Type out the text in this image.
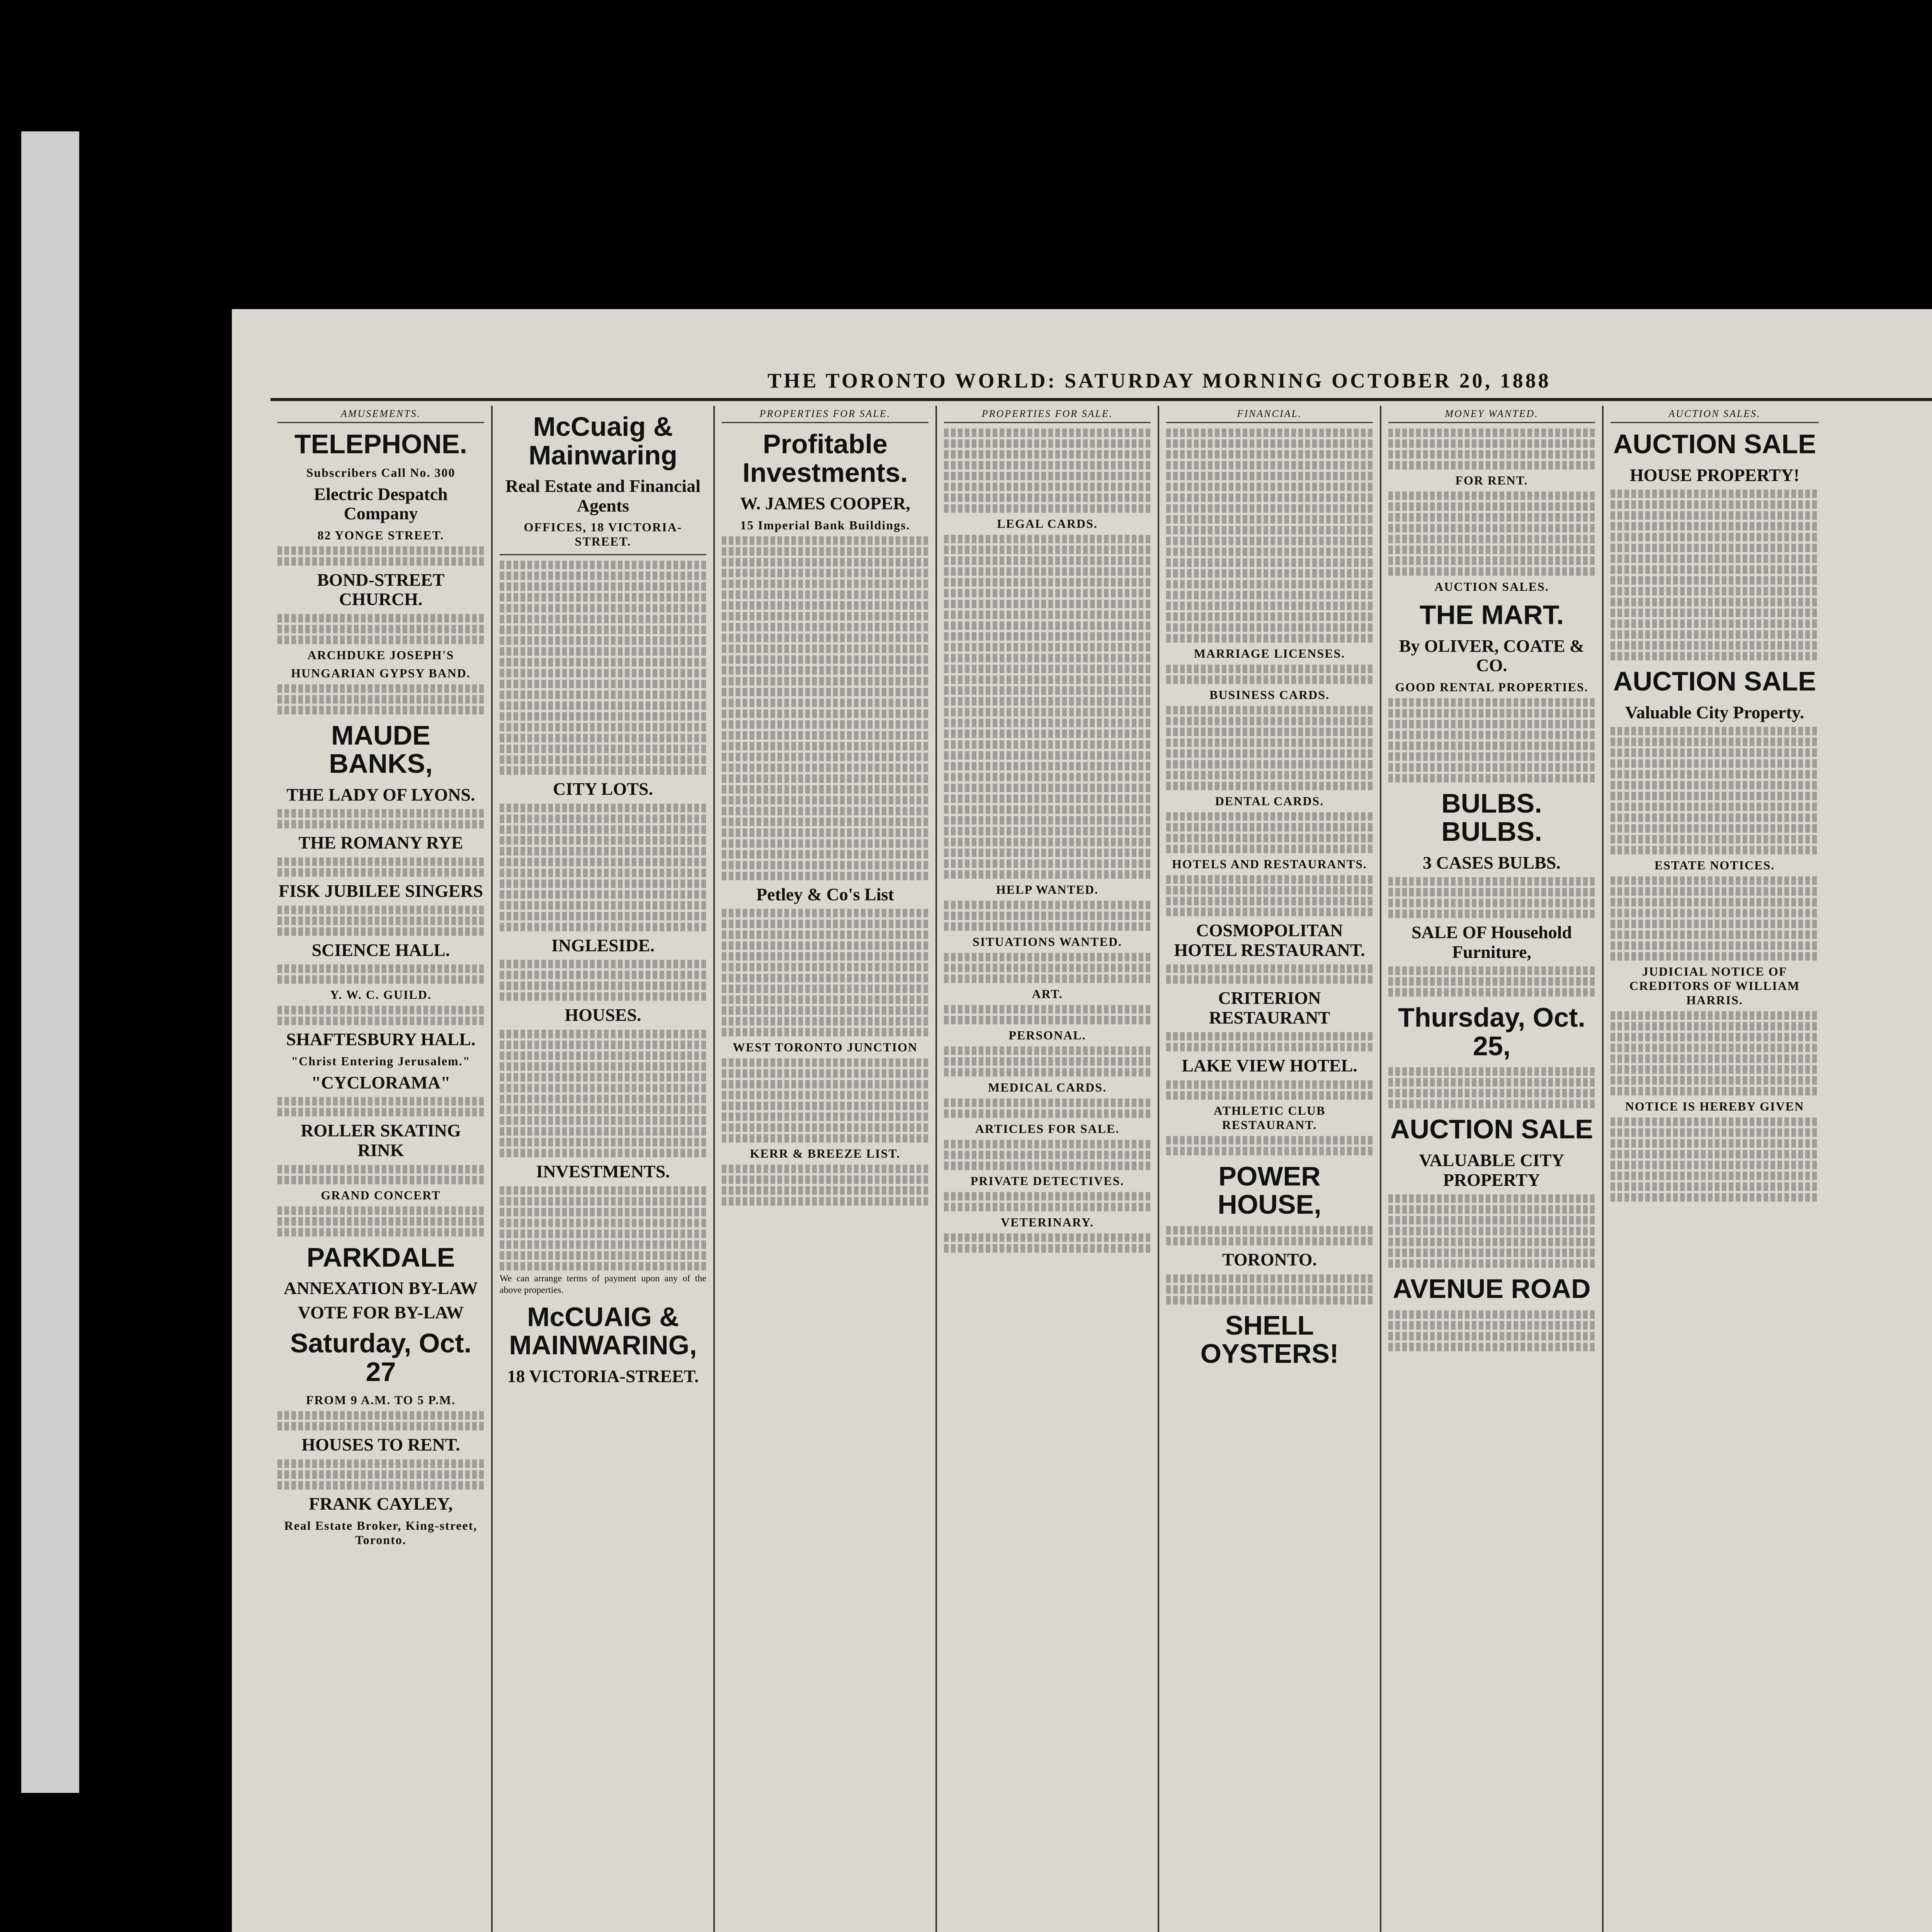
THE TORONTO WORLD: SATURDAY MORNING OCTOBER 20, 1888
AMUSEMENTS.
TELEPHONE.
Subscribers Call No. 300
Electric Despatch Company
82 YONGE STREET.
BOND-STREET CHURCH.
ARCHDUKE JOSEPH'S
HUNGARIAN GYPSY BAND.
MAUDE BANKS,
THE LADY OF LYONS.
THE ROMANY RYE
FISK JUBILEE SINGERS
SCIENCE HALL.
Y. W. C. GUILD.
SHAFTESBURY HALL.
"Christ Entering Jerusalem."
"CYCLORAMA"
ROLLER SKATING RINK
GRAND CONCERT
PARKDALE
ANNEXATION BY-LAW
VOTE FOR BY-LAW
Saturday, Oct. 27
FROM 9 A.M. TO 5 P.M.
HOUSES TO RENT.
FRANK CAYLEY,
Real Estate Broker, King-street, Toronto.
McCuaig & Mainwaring
Real Estate and Financial Agents
OFFICES, 18 VICTORIA-STREET.
CITY LOTS.
INGLESIDE.
HOUSES.
INVESTMENTS.
We can arrange terms of payment upon any of the above properties.
McCUAIG & MAINWARING,
18 VICTORIA-STREET.
PROPERTIES FOR SALE.
Profitable Investments.
W. JAMES COOPER,
15 Imperial Bank Buildings.
Petley & Co's List
WEST TORONTO JUNCTION
KERR & BREEZE LIST.
PROPERTIES FOR SALE.
LEGAL CARDS.
HELP WANTED.
SITUATIONS WANTED.
ART.
PERSONAL.
MEDICAL CARDS.
ARTICLES FOR SALE.
PRIVATE DETECTIVES.
VETERINARY.
FINANCIAL.
MARRIAGE LICENSES.
BUSINESS CARDS.
DENTAL CARDS.
HOTELS AND RESTAURANTS.
COSMOPOLITAN HOTEL RESTAURANT.
CRITERION RESTAURANT
LAKE VIEW HOTEL.
ATHLETIC CLUB RESTAURANT.
POWER HOUSE,
TORONTO.
SHELL OYSTERS!
MONEY WANTED.
FOR RENT.
AUCTION SALES.
THE MART.
By OLIVER, COATE & CO.
GOOD RENTAL PROPERTIES.
BULBS. BULBS.
3 CASES BULBS.
SALE OF Household Furniture,
Thursday, Oct. 25,
AUCTION SALE
VALUABLE CITY PROPERTY
AVENUE ROAD
AUCTION SALES.
AUCTION SALE
HOUSE PROPERTY!
AUCTION SALE
Valuable City Property.
ESTATE NOTICES.
JUDICIAL NOTICE OF CREDITORS OF WILLIAM HARRIS.
NOTICE IS HEREBY GIVEN
